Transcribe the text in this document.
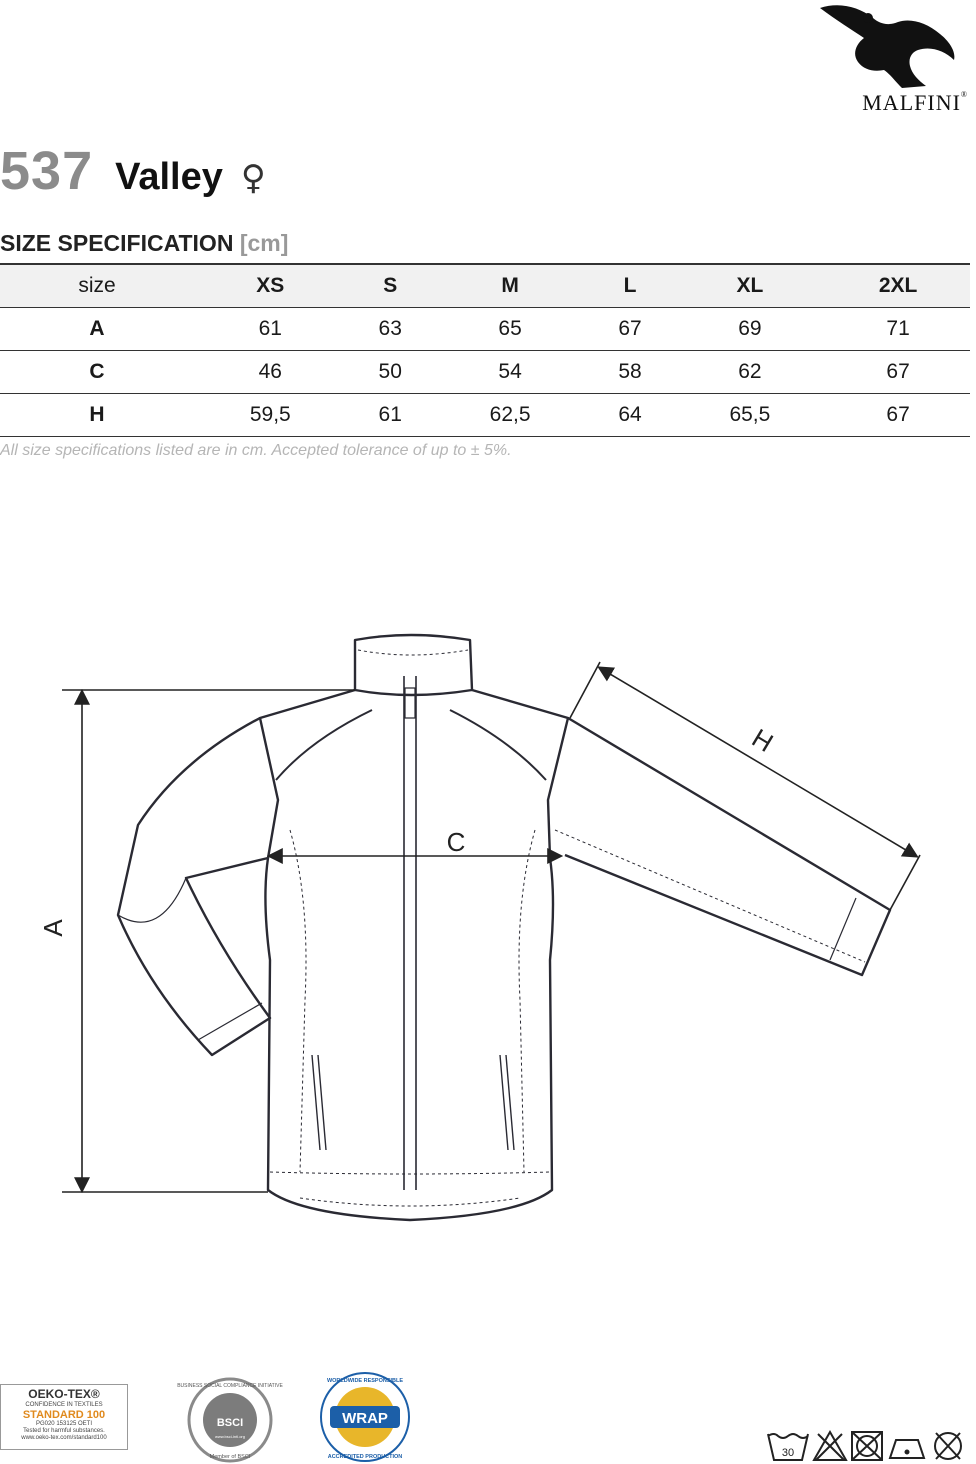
MALFINI®
537 Valley ♀
SIZE SPECIFICATION [cm]
size	XS	S	M	L	XL	2XL
A	61	63	65	67	69	71
C	46	50	54	58	62	67
H	59,5	61	62,5	64	65,5	67
All size specifications listed are in cm. Accepted tolerance of up to ± 5%.
A
C
H
OEKO-TEX®
CONFIDENCE IN TEXTILES
STANDARD 100
PG020 153125 OETI
Tested for harmful substances.
www.oeko-tex.com/standard100
BUSINESS SOCIAL COMPLIANCE INITIATIVE
BSCI
www.bsci-intl.org
Member of BSCI
WORLDWIDE RESPONSIBLE
WRAP
ACCREDITED PRODUCTION	30
